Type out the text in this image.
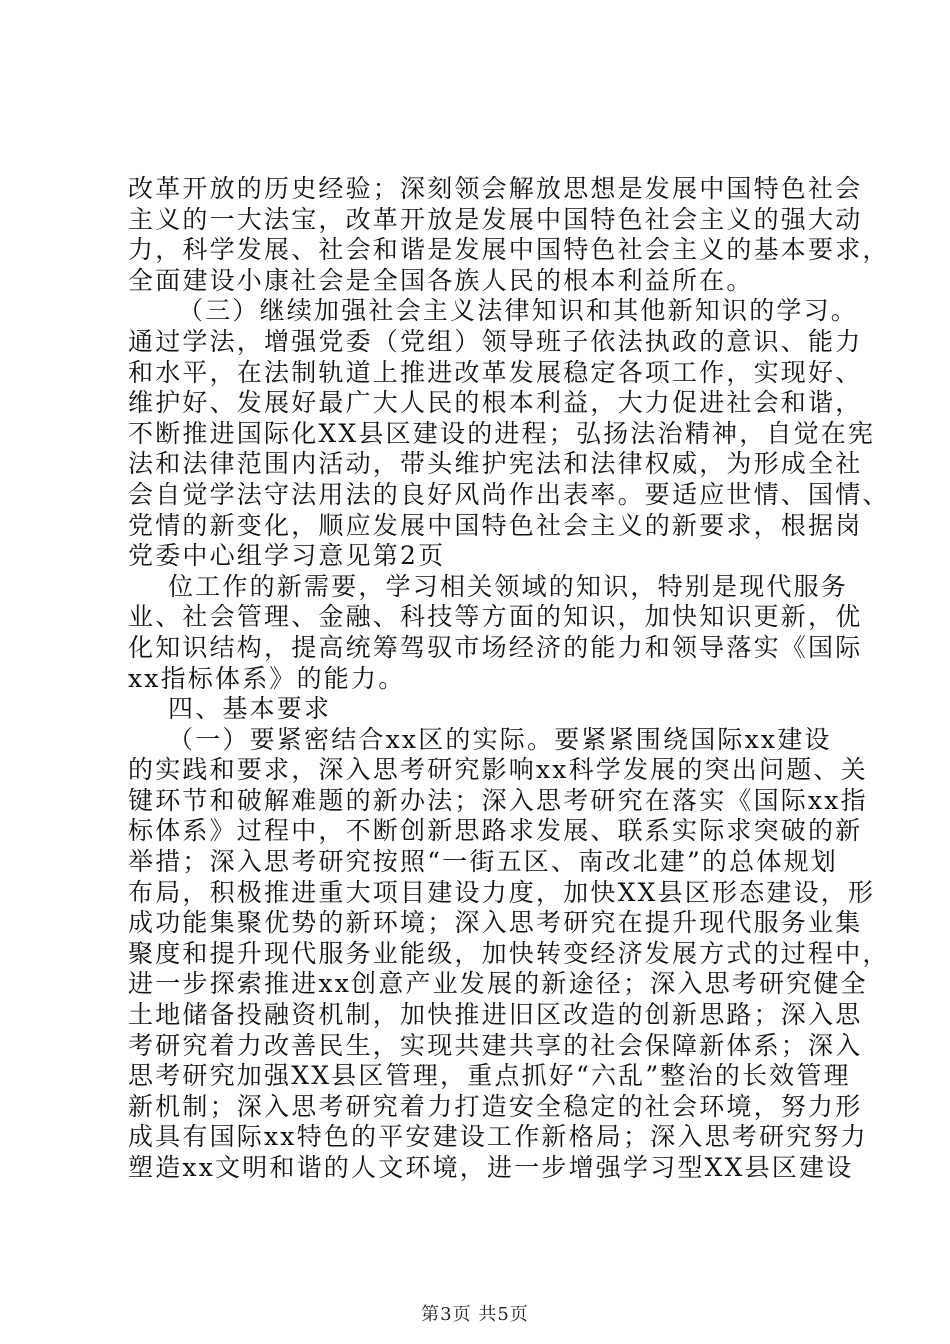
改革开放的历史经验；深刻领会解放思想是发展中国特色社会
主义的一大法宝，改革开放是发展中国特色社会主义的强大动
力，科学发展、社会和谐是发展中国特色社会主义的基本要求，
全面建设小康社会是全国各族人民的根本利益所在。
（三）继续加强社会主义法律知识和其他新知识的学习。
通过学法，增强党委（党组）领导班子依法执政的意识、能力
和水平，在法制轨道上推进改革发展稳定各项工作，实现好、
维护好、发展好最广大人民的根本利益，大力促进社会和谐，
不断推进国际化XX县区建设的进程；弘扬法治精神，自觉在宪
法和法律范围内活动，带头维护宪法和法律权威，为形成全社
会自觉学法守法用法的良好风尚作出表率。要适应世情、国情、
党情的新变化，顺应发展中国特色社会主义的新要求，根据岗
党委中心组学习意见第2页
位工作的新需要，学习相关领域的知识，特别是现代服务
业、社会管理、金融、科技等方面的知识，加快知识更新，优
化知识结构，提高统筹驾驭市场经济的能力和领导落实《国际
xx指标体系》的能力。
四、基本要求
（一）要紧密结合xx区的实际。要紧紧围绕国际xx建设
的实践和要求，深入思考研究影响xx科学发展的突出问题、关
键环节和破解难题的新办法；深入思考研究在落实《国际xx指
标体系》过程中，不断创新思路求发展、联系实际求突破的新
举措；深入思考研究按照“一街五区、南改北建”的总体规划
布局，积极推进重大项目建设力度，加快XX县区形态建设，形
成功能集聚优势的新环境；深入思考研究在提升现代服务业集
聚度和提升现代服务业能级，加快转变经济发展方式的过程中，
进一步探索推进xx创意产业发展的新途径；深入思考研究健全
土地储备投融资机制，加快推进旧区改造的创新思路；深入思
考研究着力改善民生，实现共建共享的社会保障新体系；深入
思考研究加强XX县区管理，重点抓好“六乱”整治的长效管理
新机制；深入思考研究着力打造安全稳定的社会环境，努力形
成具有国际xx特色的平安建设工作新格局；深入思考研究努力
塑造xx文明和谐的人文环境，进一步增强学习型XX县区建设
第3页 共5页
